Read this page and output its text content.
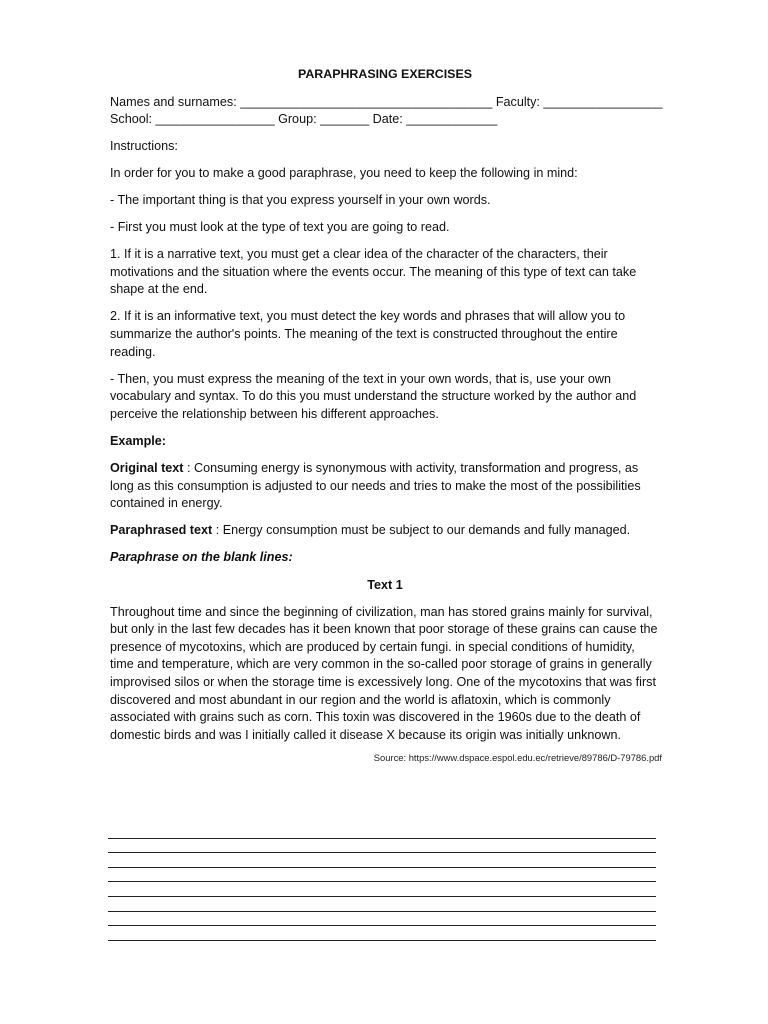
PARAPHRASING EXERCISES
Names and surnames: ____________________________________ Faculty: _________________
School: _________________ Group: _______ Date: _____________

Instructions:

In order for you to make a good paraphrase, you need to keep the following in mind:

- The important thing is that you express yourself in your own words.

- First you must look at the type of text you are going to read.

1. If it is a narrative text, you must get a clear idea of the character of the characters, their motivations and the situation where the events occur. The meaning of this type of text can take shape at the end.

2. If it is an informative text, you must detect the key words and phrases that will allow you to summarize the author's points. The meaning of the text is constructed throughout the entire reading.

- Then, you must express the meaning of the text in your own words, that is, use your own vocabulary and syntax. To do this you must understand the structure worked by the author and perceive the relationship between his different approaches.

Example:

Original text : Consuming energy is synonymous with activity, transformation and progress, as long as this consumption is adjusted to our needs and tries to make the most of the possibilities contained in energy.

Paraphrased text : Energy consumption must be subject to our demands and fully managed.

Paraphrase on the blank lines:

Text 1

Throughout time and since the beginning of civilization, man has stored grains mainly for survival, but only in the last few decades has it been known that poor storage of these grains can cause the presence of mycotoxins, which are produced by certain fungi. in special conditions of humidity, time and temperature, which are very common in the so-called poor storage of grains in generally improvised silos or when the storage time is excessively long. One of the mycotoxins that was first discovered and most abundant in our region and the world is aflatoxin, which is commonly associated with grains such as corn. This toxin was discovered in the 1960s due to the death of domestic birds and was I initially called it disease X because its origin was initially unknown.

Source: https://www.dspace.espol.edu.ec/retrieve/89786/D-79786.pdf
